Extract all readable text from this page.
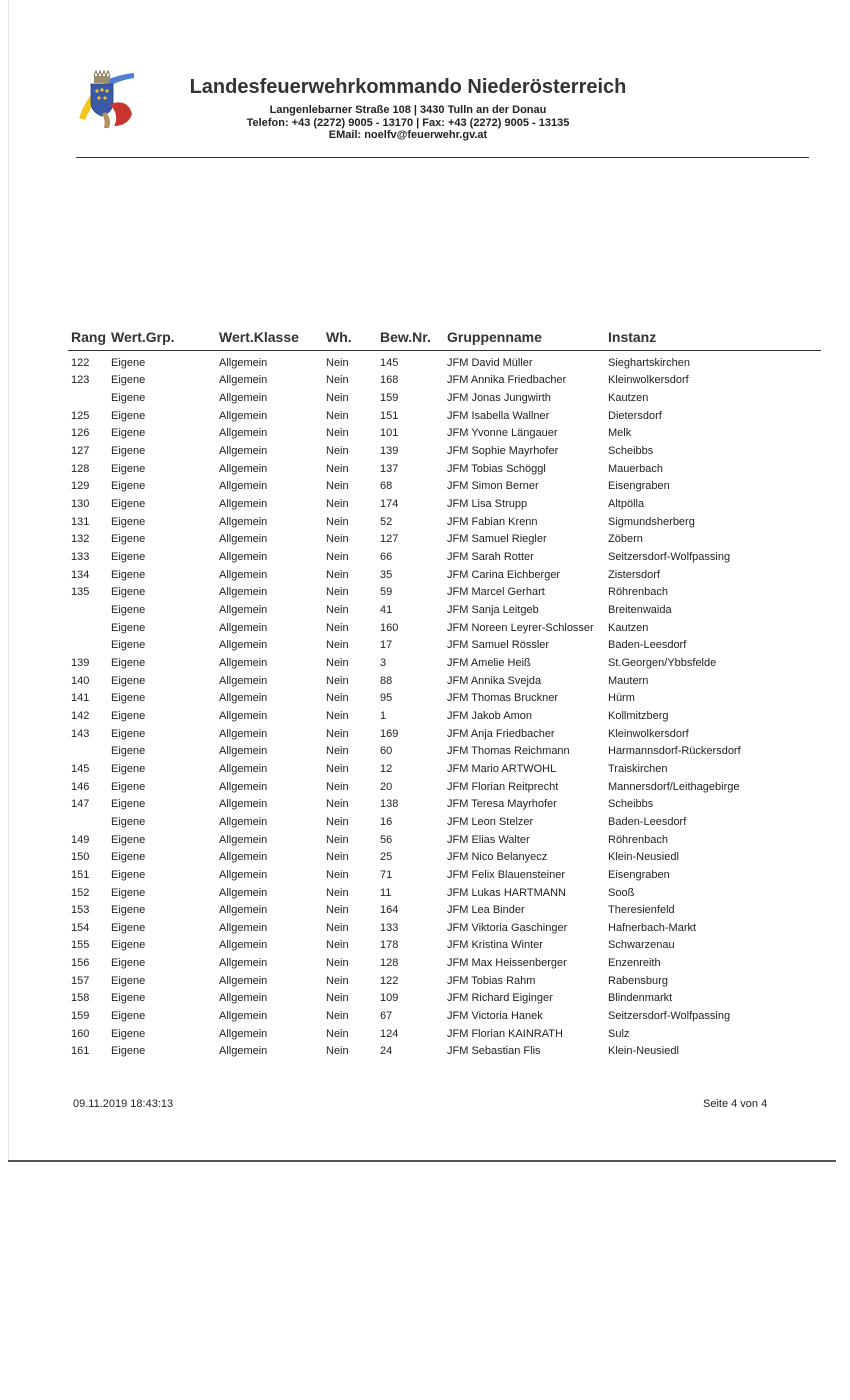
Landesfeuerwehrkommando Niederösterreich
Langenlebarner Straße 108 | 3430 Tulln an der Donau
Telefon: +43 (2272) 9005 - 13170 | Fax: +43 (2272) 9005 - 13135
EMail: noelfv@feuerwehr.gv.at
09.11.2019 18:43:13	Seite 4 von 4
Rang	Wert.Grp.	Wert.Klasse	Wh.	Bew.Nr.	Gruppenname	Instanz
122	Eigene	Allgemein	Nein	145	JFM David Müller	Sieghartskirchen
123	Eigene	Allgemein	Nein	168	JFM Annika Friedbacher	Kleinwolkersdorf
	Eigene	Allgemein	Nein	159	JFM Jonas Jungwirth	Kautzen
125	Eigene	Allgemein	Nein	151	JFM Isabella Wallner	Dietersdorf
126	Eigene	Allgemein	Nein	101	JFM Yvonne Längauer	Melk
127	Eigene	Allgemein	Nein	139	JFM Sophie Mayrhofer	Scheibbs
128	Eigene	Allgemein	Nein	137	JFM Tobias Schöggl	Mauerbach
129	Eigene	Allgemein	Nein	68	JFM Simon Berner	Eisengraben
130	Eigene	Allgemein	Nein	174	JFM Lisa Strupp	Altpölla
131	Eigene	Allgemein	Nein	52	JFM Fabian Krenn	Sigmundsherberg
132	Eigene	Allgemein	Nein	127	JFM Samuel Riegler	Zöbern
133	Eigene	Allgemein	Nein	66	JFM Sarah Rotter	Seitzersdorf-Wolfpassing
134	Eigene	Allgemein	Nein	35	JFM Carina Eichberger	Zistersdorf
135	Eigene	Allgemein	Nein	59	JFM Marcel Gerhart	Röhrenbach
	Eigene	Allgemein	Nein	41	JFM Sanja Leitgeb	Breitenwaida
	Eigene	Allgemein	Nein	160	JFM Noreen Leyrer-Schlosser	Kautzen
	Eigene	Allgemein	Nein	17	JFM Samuel Rössler	Baden-Leesdorf
139	Eigene	Allgemein	Nein	3	JFM Amelie Heiß	St.Georgen/Ybbsfelde
140	Eigene	Allgemein	Nein	88	JFM Annika Svejda	Mautern
141	Eigene	Allgemein	Nein	95	JFM Thomas Bruckner	Hürm
142	Eigene	Allgemein	Nein	1	JFM Jakob Amon	Kollmitzberg
143	Eigene	Allgemein	Nein	169	JFM Anja Friedbacher	Kleinwolkersdorf
	Eigene	Allgemein	Nein	60	JFM Thomas Reichmann	Harmannsdorf-Rückersdorf
145	Eigene	Allgemein	Nein	12	JFM Mario ARTWOHL	Traiskirchen
146	Eigene	Allgemein	Nein	20	JFM Florian Reitprecht	Mannersdorf/Leithagebirge
147	Eigene	Allgemein	Nein	138	JFM Teresa Mayrhofer	Scheibbs
	Eigene	Allgemein	Nein	16	JFM Leon Stelzer	Baden-Leesdorf
149	Eigene	Allgemein	Nein	56	JFM Elias Walter	Röhrenbach
150	Eigene	Allgemein	Nein	25	JFM Nico Belanyecz	Klein-Neusiedl
151	Eigene	Allgemein	Nein	71	JFM Felix Blauensteiner	Eisengraben
152	Eigene	Allgemein	Nein	11	JFM Lukas HARTMANN	Sooß
153	Eigene	Allgemein	Nein	164	JFM Lea Binder	Theresienfeld
154	Eigene	Allgemein	Nein	133	JFM Viktoria Gaschinger	Hafnerbach-Markt
155	Eigene	Allgemein	Nein	178	JFM Kristina Winter	Schwarzenau
156	Eigene	Allgemein	Nein	128	JFM Max Heissenberger	Enzenreith
157	Eigene	Allgemein	Nein	122	JFM Tobias Rahm	Rabensburg
158	Eigene	Allgemein	Nein	109	JFM Richard Eiginger	Blindenmarkt
159	Eigene	Allgemein	Nein	67	JFM Victoria Hanek	Seitzersdorf-Wolfpassing
160	Eigene	Allgemein	Nein	124	JFM Florian KAINRATH	Sulz
161	Eigene	Allgemein	Nein	24	JFM Sebastian Flis	Klein-Neusiedl
